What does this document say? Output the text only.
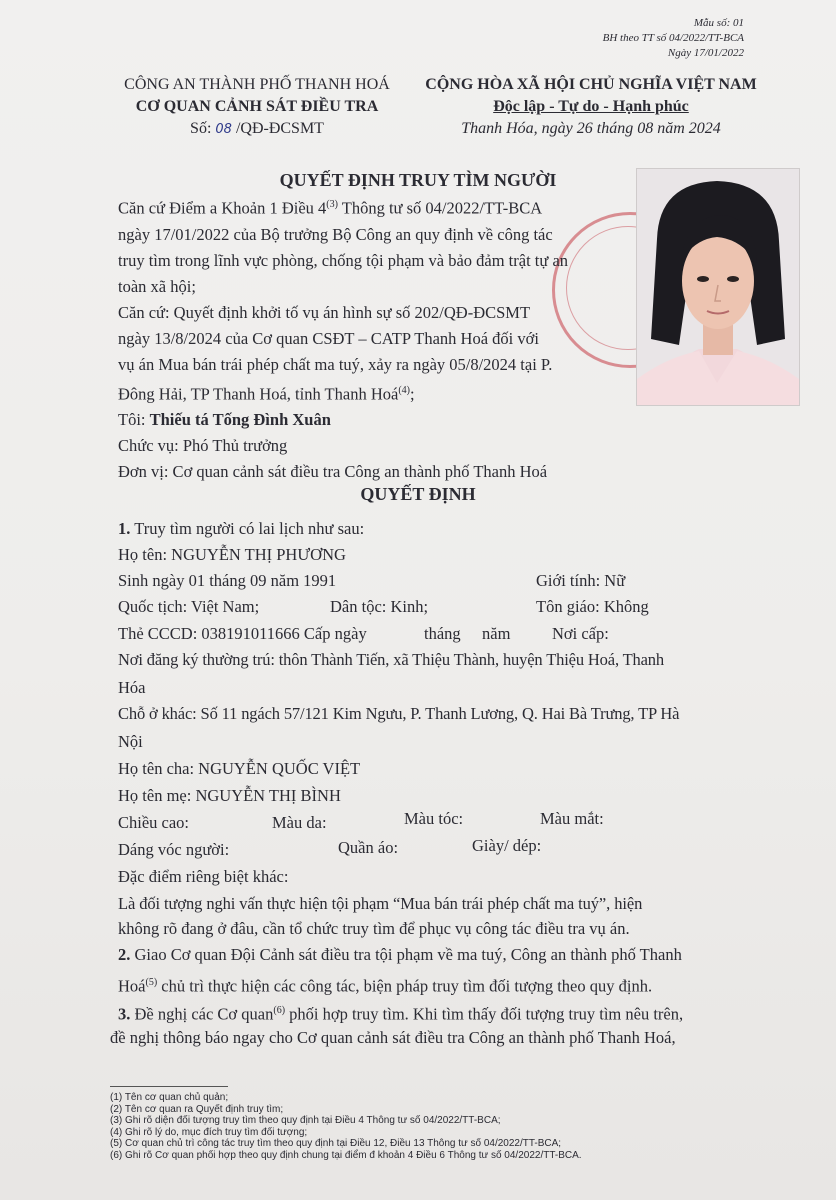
Mẫu số: 01
BH theo TT số 04/2022/TT-BCA
Ngày 17/01/2022
CÔNG AN THÀNH PHỐ THANH HOÁ
CƠ QUAN CẢNH SÁT ĐIỀU TRA
Số: 08 /QĐ-ĐCSMT
CỘNG HÒA XÃ HỘI CHỦ NGHĨA VIỆT NAM
Độc lập - Tự do - Hạnh phúc
Thanh Hóa, ngày 26 tháng 08 năm 2024
QUYẾT ĐỊNH TRUY TÌM NGƯỜI
Căn cứ Điểm a Khoản 1 Điều 4$^{(3)}$ Thông tư số 04/2022/TT-BCA
ngày 17/01/2022 của Bộ trưởng Bộ Công an quy định về công tác
truy tìm trong lĩnh vực phòng, chống tội phạm và bảo đảm trật tự an
toàn xã hội;
Căn cứ: Quyết định khởi tố vụ án hình sự số 202/QĐ-ĐCSMT
ngày 13/8/2024 của Cơ quan CSĐT – CATP Thanh Hoá đối với
vụ án Mua bán trái phép chất ma tuý, xảy ra ngày 05/8/2024 tại P.
Đông Hải, TP Thanh Hoá, tỉnh Thanh Hoá$^{(4)}$;
Tôi: Thiếu tá Tống Đình Xuân
Chức vụ: Phó Thủ trưởng
Đơn vị: Cơ quan cảnh sát điều tra Công an thành phố Thanh Hoá
QUYẾT ĐỊNH
1. Truy tìm người có lai lịch như sau:
Họ tên: NGUYỄN THỊ PHƯƠNG
Sinh ngày 01 tháng 09 năm 1991	Giới tính: Nữ
Quốc tịch: Việt Nam;	Dân tộc: Kinh;	Tôn giáo: Không
Thẻ CCCD: 038191011666 Cấp ngày	tháng năm	Nơi cấp:
Nơi đăng ký thường trú: thôn Thành Tiến, xã Thiệu Thành, huyện Thiệu Hoá, Thanh
Hóa
Chỗ ở khác: Số 11 ngách 57/121 Kim Ngưu, P. Thanh Lương, Q. Hai Bà Trưng, TP Hà
Nội
Họ tên cha: NGUYỄN QUỐC VIỆT
Họ tên mẹ: NGUYỄN THỊ BÌNH
Chiều cao:	Màu da:	Màu tóc:	Màu mắt:
Dáng vóc người:	Quần áo:	Giày/ dép:
Đặc điểm riêng biệt khác:
Là đối tượng nghi vấn thực hiện tội phạm “Mua bán trái phép chất ma tuý”, hiện
không rõ đang ở đâu, cần tổ chức truy tìm để phục vụ công tác điều tra vụ án.
2. Giao Cơ quan Đội Cảnh sát điều tra tội phạm về ma tuý, Công an thành phố Thanh
Hoá$^{(5)}$ chủ trì thực hiện các công tác, biện pháp truy tìm đối tượng theo quy định.
3. Đề nghị các Cơ quan$^{(6)}$ phối hợp truy tìm. Khi tìm thấy đối tượng truy tìm nêu trên,
đề nghị thông báo ngay cho Cơ quan cảnh sát điều tra Công an thành phố Thanh Hoá,
(1) Tên cơ quan chủ quản;
(2) Tên cơ quan ra Quyết định truy tìm;
(3) Ghi rõ diện đối tượng truy tìm theo quy định tại Điều 4 Thông tư số 04/2022/TT-BCA;
(4) Ghi rõ lý do, mục đích truy tìm đối tượng;
(5) Cơ quan chủ trì công tác truy tìm theo quy định tại Điều 12, Điều 13 Thông tư số 04/2022/TT-BCA;
(6) Ghi rõ Cơ quan phối hợp theo quy định chung tại điểm đ khoản 4 Điều 6 Thông tư số 04/2022/TT-BCA.
